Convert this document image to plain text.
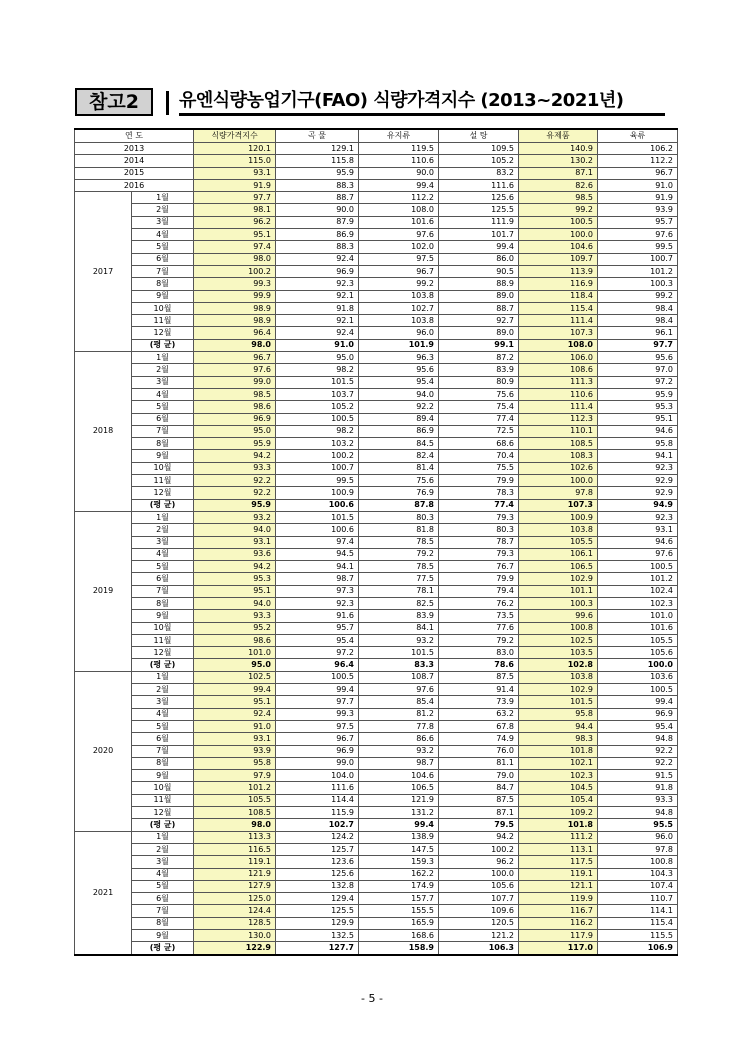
참고2	유엔식량농업기구(FAO) 식량가격지수 (2013~2021년)
연 도		식량가격지수	곡 물	유지류	설 탕	유제품	육류
2013		120.1	129.1	119.5	109.5	140.9	106.2
2014		115.0	115.8	110.6	105.2	130.2	112.2
2015		93.1	95.9	90.0	83.2	87.1	96.7
2016		91.9	88.3	99.4	111.6	82.6	91.0
2017	1월	97.7	88.7	112.2	125.6	98.5	91.9
	2월	98.1	90.0	108.0	125.5	99.2	93.9
	3월	96.2	87.9	101.6	111.9	100.5	95.7
	4월	95.1	86.9	97.6	101.7	100.0	97.6
	5월	97.4	88.3	102.0	99.4	104.6	99.5
	6월	98.0	92.4	97.5	86.0	109.7	100.7
	7월	100.2	96.9	96.7	90.5	113.9	101.2
	8월	99.3	92.3	99.2	88.9	116.9	100.3
	9월	99.9	92.1	103.8	89.0	118.4	99.2
	10월	98.9	91.8	102.7	88.7	115.4	98.4
	11월	98.9	92.1	103.8	92.7	111.4	98.4
	12월	96.4	92.4	96.0	89.0	107.3	96.1
	(평 균)	98.0	91.0	101.9	99.1	108.0	97.7
2018	1월	96.7	95.0	96.3	87.2	106.0	95.6
	2월	97.6	98.2	95.6	83.9	108.6	97.0
	3월	99.0	101.5	95.4	80.9	111.3	97.2
	4월	98.5	103.7	94.0	75.6	110.6	95.9
	5월	98.6	105.2	92.2	75.4	111.4	95.3
	6월	96.9	100.5	89.4	77.4	112.3	95.1
	7월	95.0	98.2	86.9	72.5	110.1	94.6
	8월	95.9	103.2	84.5	68.6	108.5	95.8
	9월	94.2	100.2	82.4	70.4	108.3	94.1
	10월	93.3	100.7	81.4	75.5	102.6	92.3
	11월	92.2	99.5	75.6	79.9	100.0	92.9
	12월	92.2	100.9	76.9	78.3	97.8	92.9
	(평 균)	95.9	100.6	87.8	77.4	107.3	94.9
2019	1월	93.2	101.5	80.3	79.3	100.9	92.3
	2월	94.0	100.6	81.8	80.3	103.8	93.1
	3월	93.1	97.4	78.5	78.7	105.5	94.6
	4월	93.6	94.5	79.2	79.3	106.1	97.6
	5월	94.2	94.1	78.5	76.7	106.5	100.5
	6월	95.3	98.7	77.5	79.9	102.9	101.2
	7월	95.1	97.3	78.1	79.4	101.1	102.4
	8월	94.0	92.3	82.5	76.2	100.3	102.3
	9월	93.3	91.6	83.9	73.5	99.6	101.0
	10월	95.2	95.7	84.1	77.6	100.8	101.6
	11월	98.6	95.4	93.2	79.2	102.5	105.5
	12월	101.0	97.2	101.5	83.0	103.5	105.6
	(평 균)	95.0	96.4	83.3	78.6	102.8	100.0
2020	1월	102.5	100.5	108.7	87.5	103.8	103.6
	2월	99.4	99.4	97.6	91.4	102.9	100.5
	3월	95.1	97.7	85.4	73.9	101.5	99.4
	4월	92.4	99.3	81.2	63.2	95.8	96.9
	5월	91.0	97.5	77.8	67.8	94.4	95.4
	6월	93.1	96.7	86.6	74.9	98.3	94.8
	7월	93.9	96.9	93.2	76.0	101.8	92.2
	8월	95.8	99.0	98.7	81.1	102.1	92.2
	9월	97.9	104.0	104.6	79.0	102.3	91.5
	10월	101.2	111.6	106.5	84.7	104.5	91.8
	11월	105.5	114.4	121.9	87.5	105.4	93.3
	12월	108.5	115.9	131.2	87.1	109.2	94.8
	(평 균)	98.0	102.7	99.4	79.5	101.8	95.5
2021	1월	113.3	124.2	138.9	94.2	111.2	96.0
	2월	116.5	125.7	147.5	100.2	113.1	97.8
	3월	119.1	123.6	159.3	96.2	117.5	100.8
	4월	121.9	125.6	162.2	100.0	119.1	104.3
	5월	127.9	132.8	174.9	105.6	121.1	107.4
	6월	125.0	129.4	157.7	107.7	119.9	110.7
	7월	124.4	125.5	155.5	109.6	116.7	114.1
	8월	128.5	129.9	165.9	120.5	116.2	115.4
	9월	130.0	132.5	168.6	121.2	117.9	115.5
	(평 균)	122.9	127.7	158.9	106.3	117.0	106.9
- 5 -
